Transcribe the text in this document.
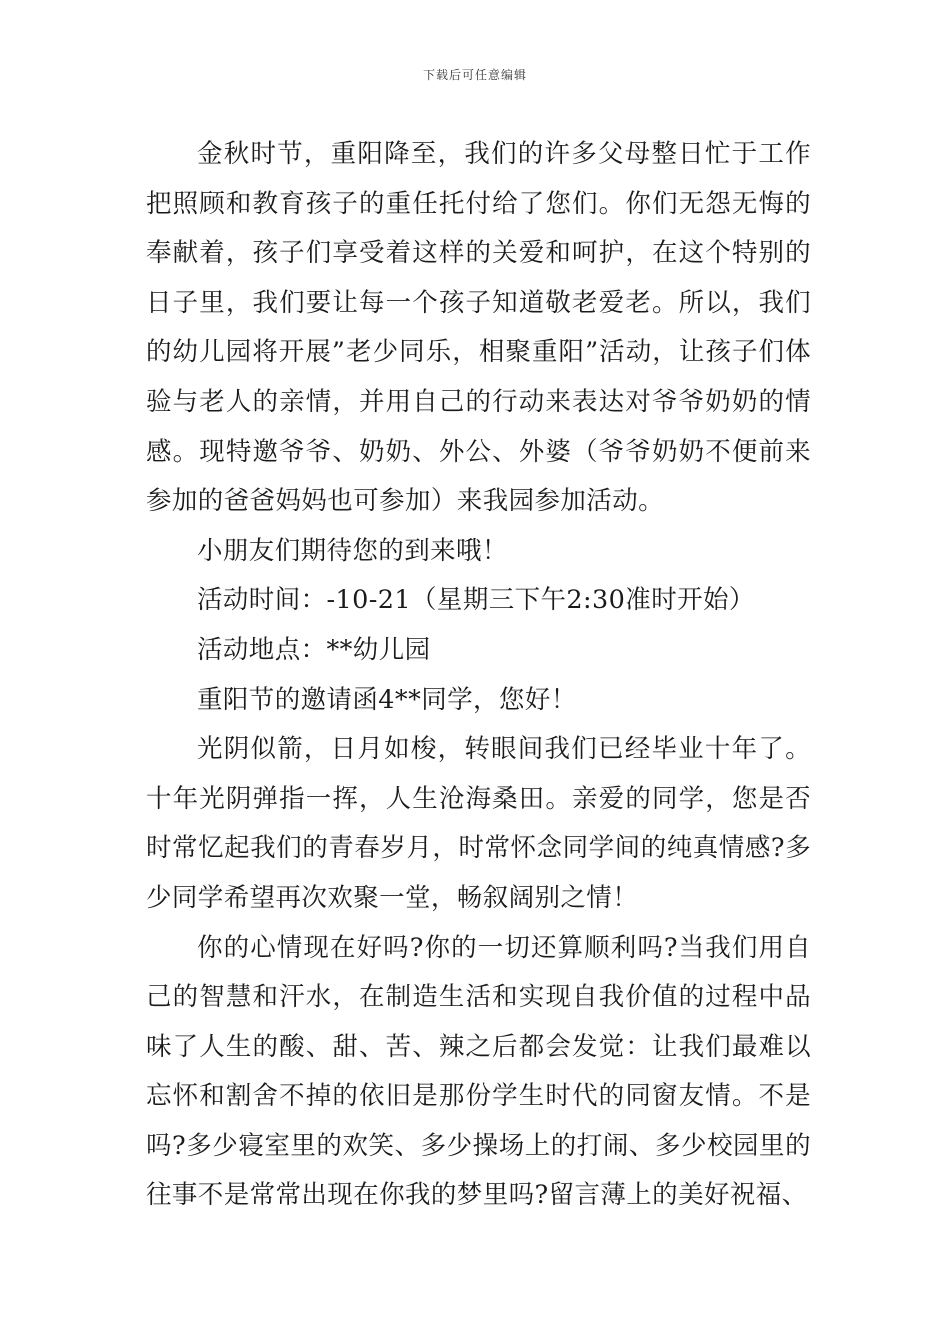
下载后可任意编辑

金秋时节，重阳降至，我们的许多父母整日忙于工作把照顾和教育孩子的重任托付给了您们。你们无怨无悔的奉献着，孩子们享受着这样的关爱和呵护，在这个特别的日子里，我们要让每一个孩子知道敬老爱老。所以，我们的幼儿园将开展”老少同乐，相聚重阳”活动，让孩子们体验与老人的亲情，并用自己的行动来表达对爷爷奶奶的情感。现特邀爷爷、奶奶、外公、外婆（爷爷奶奶不便前来参加的爸爸妈妈也可参加）来我园参加活动。

小朋友们期待您的到来哦！

活动时间：-10-21（星期三下午2:30准时开始）

活动地点：**幼儿园

重阳节的邀请函4**同学，您好！

光阴似箭，日月如梭，转眼间我们已经毕业十年了。十年光阴弹指一挥，人生沧海桑田。亲爱的同学，您是否时常忆起我们的青春岁月，时常怀念同学间的纯真情感?多少同学希望再次欢聚一堂，畅叙阔别之情！

你的心情现在好吗?你的一切还算顺利吗?当我们用自己的智慧和汗水，在制造生活和实现自我价值的过程中品味了人生的酸、甜、苦、辣之后都会发觉：让我们最难以忘怀和割舍不掉的依旧是那份学生时代的同窗友情。不是吗?多少寝室里的欢笑、多少操场上的打闹、多少校园里的往事不是常常出现在你我的梦里吗?留言薄上的美好祝福、
